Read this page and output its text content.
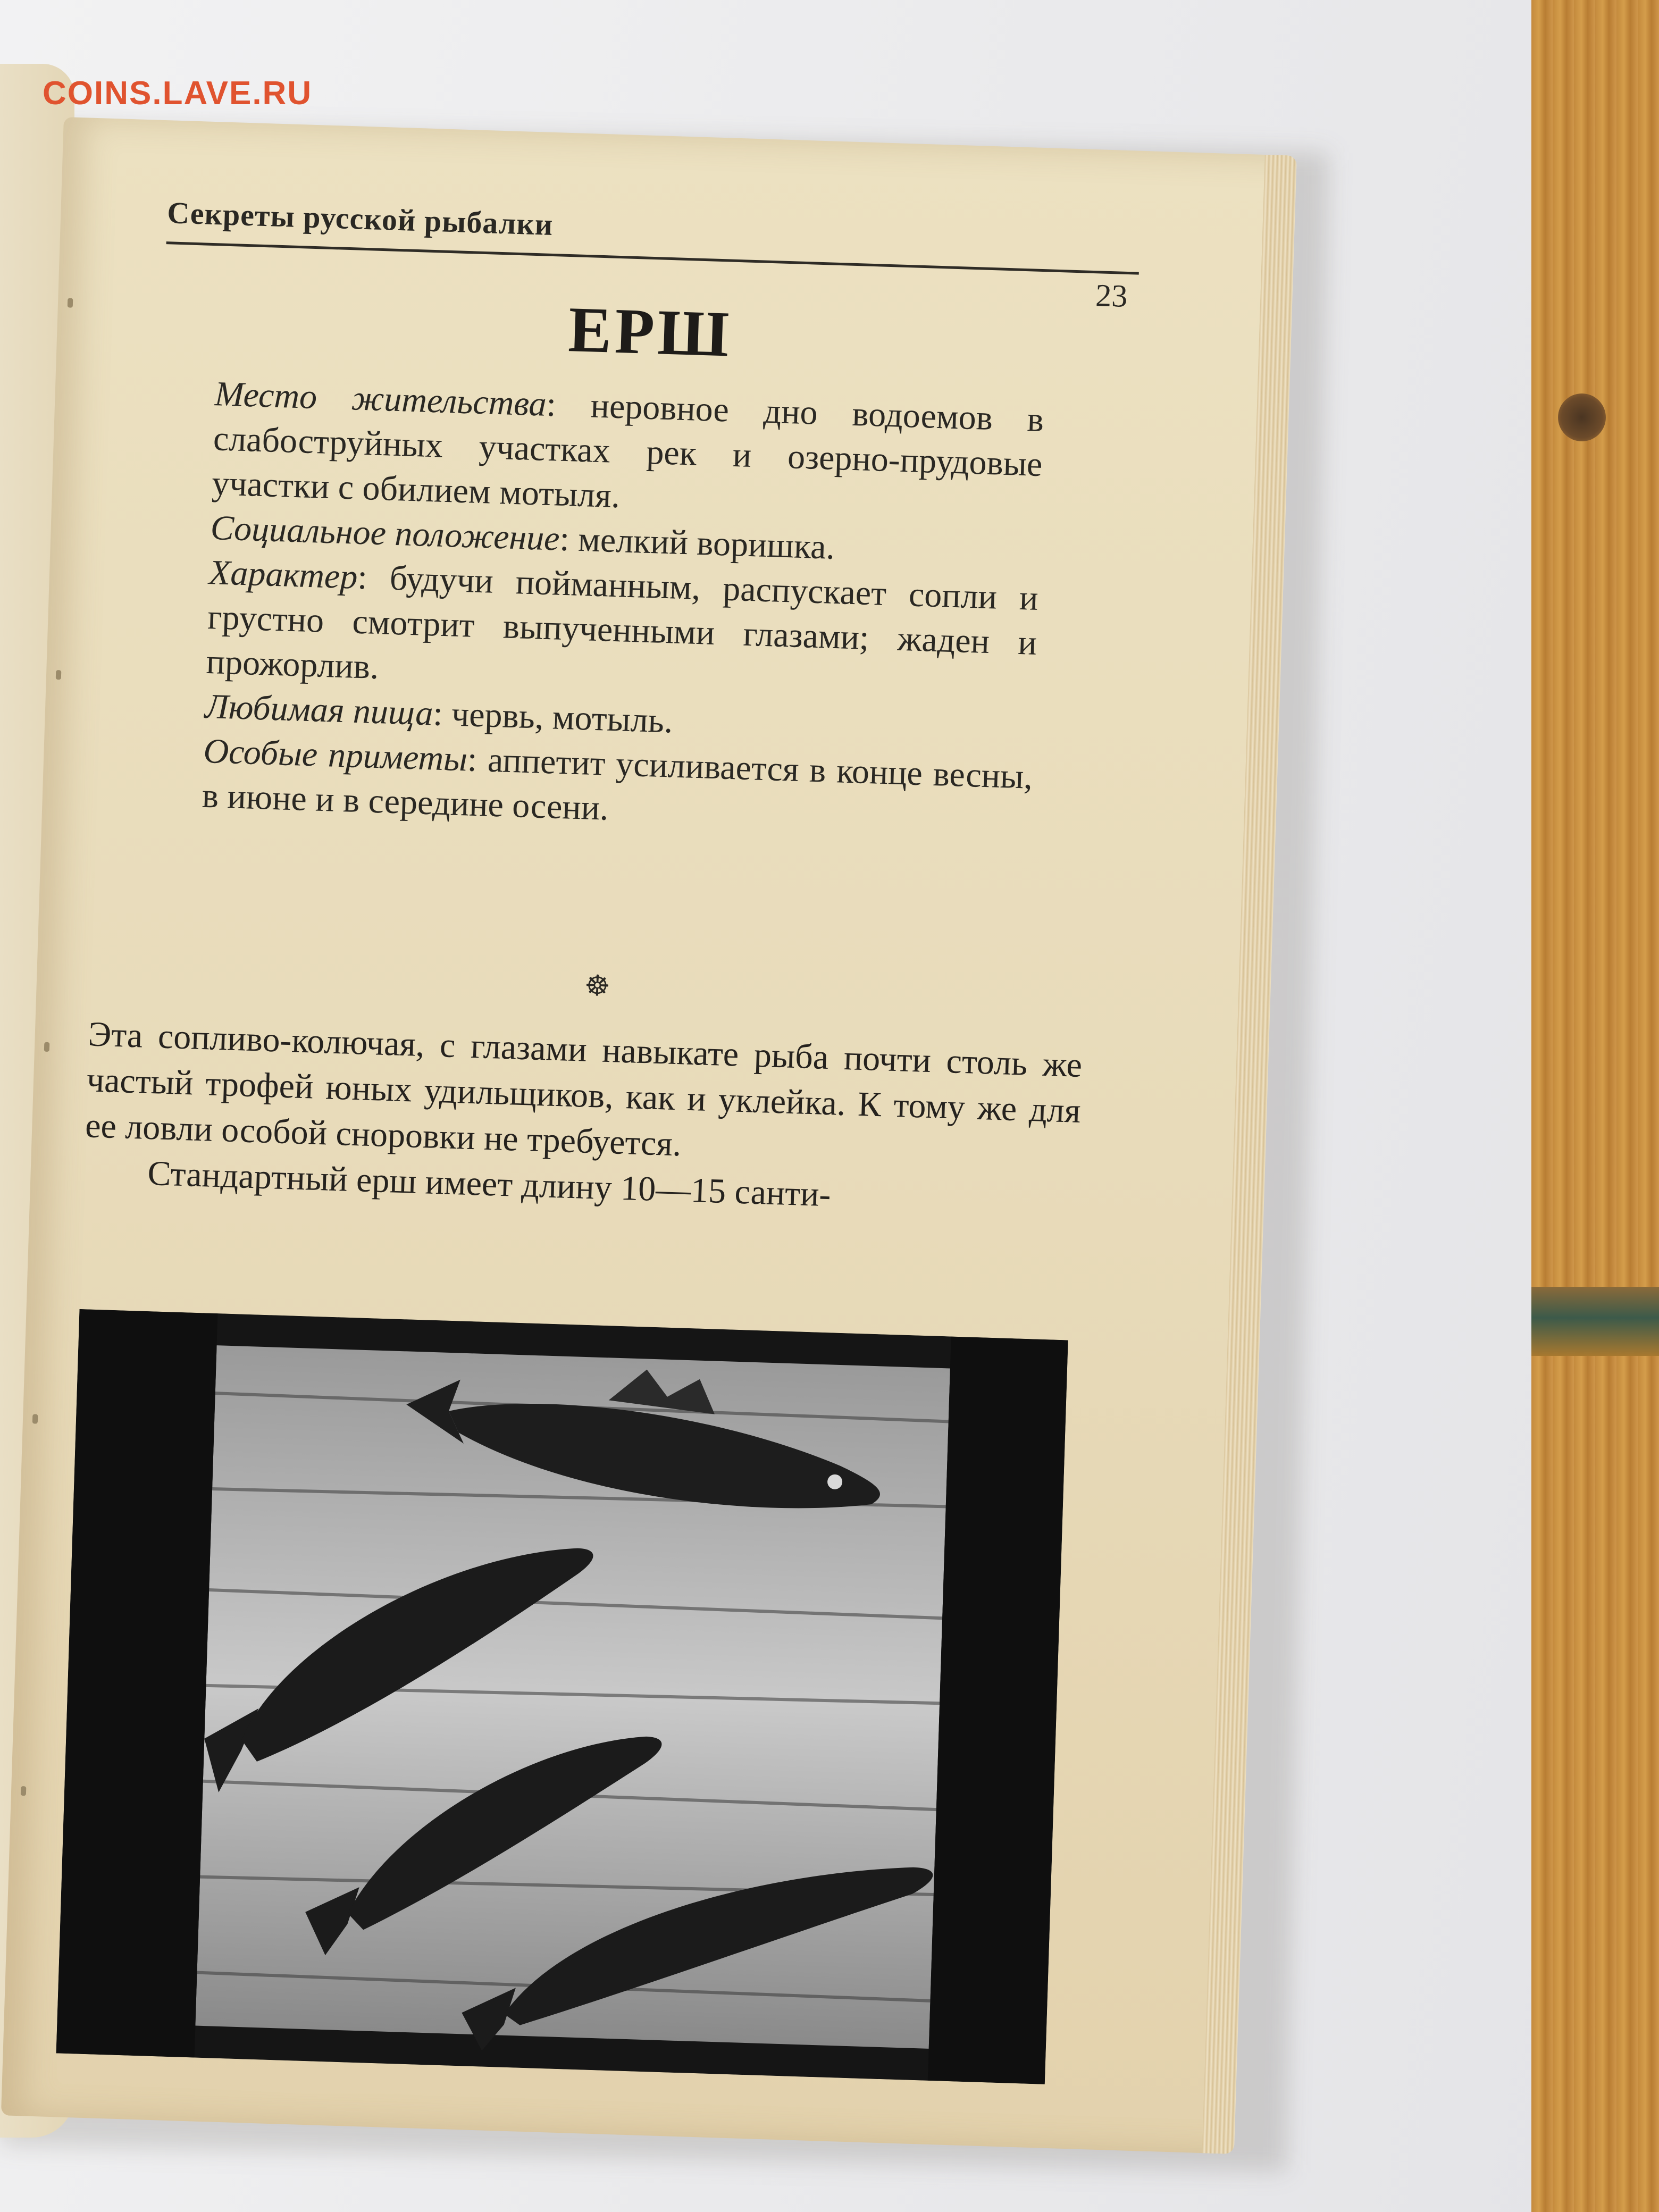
Секреты русской рыбалки
23
ЕРШ

Место жительства: неровное дно водоемов в слабоструйных участках рек и озерно-прудовые участки с обилием мотыля.

Социальное положение: мелкий воришка.

Характер: будучи пойманным, распускает сопли и грустно смотрит выпученными глазами; жаден и прожорлив.

Любимая пища: червь, мотыль.

Особые приметы: аппетит усиливается в конце весны, в июне и в середине осени.

☸

Эта сопливо-колючая, с глазами навыкате рыба почти столь же частый трофей юных удильщиков, как и уклейка. К тому же для ее ловли особой сноровки не требуется.

Стандартный ерш имеет длину 10—15 санти-

COINS.LAVE.RU
